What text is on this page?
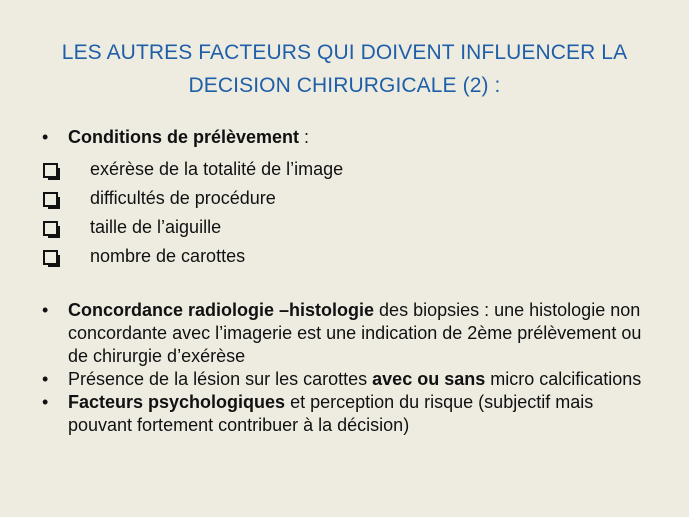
LES AUTRES FACTEURS QUI DOIVENT INFLUENCER LA
DECISION CHIRURGICALE (2) :
• Conditions de prélèvement :
exérèse de la totalité de l’image
difficultés de procédure
taille de l’aiguille
nombre de carottes
• Concordance radiologie –histologie des biopsies : une histologie non concordante avec l’imagerie est une indication de 2ème prélèvement ou de chirurgie d’exérèse
• Présence de la lésion sur les carottes avec ou sans micro calcifications
• Facteurs psychologiques et perception du risque (subjectif mais pouvant fortement contribuer à la décision)
